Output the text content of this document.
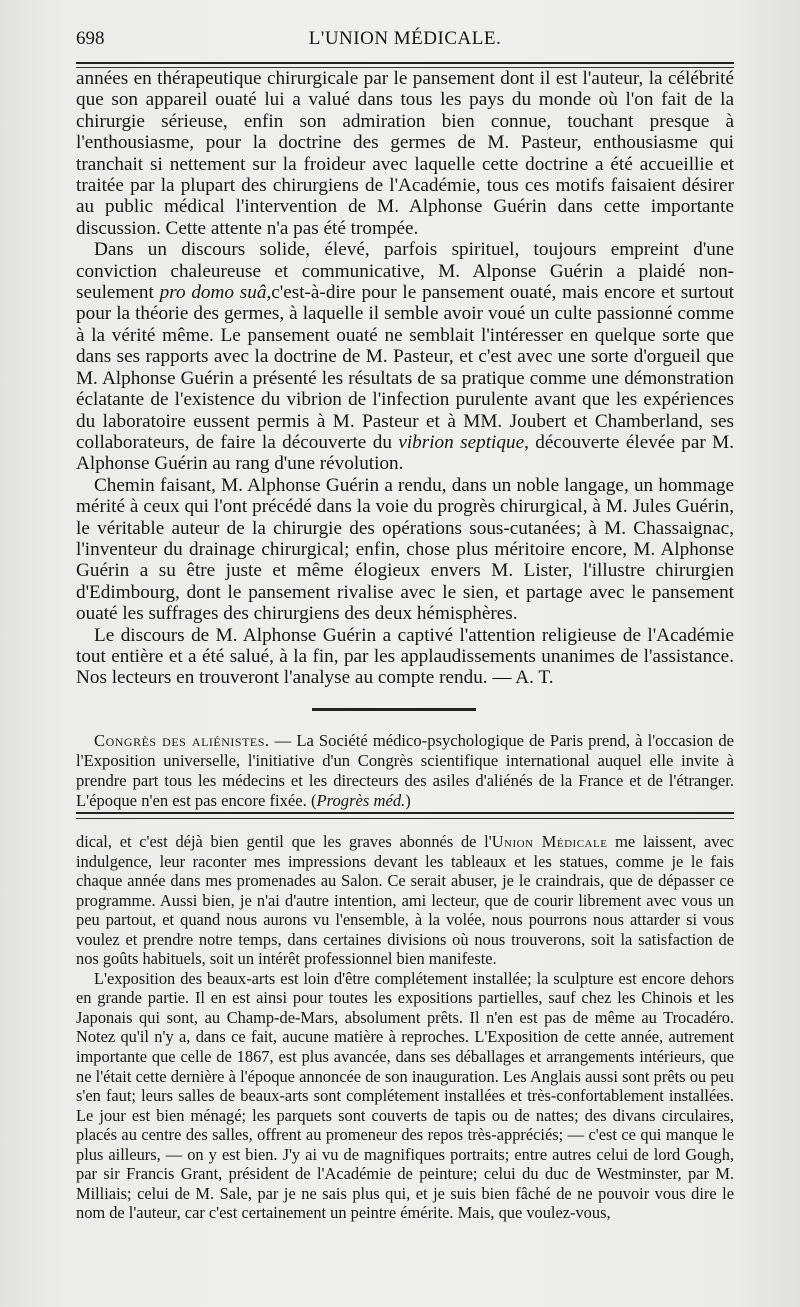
698	L'UNION MÉDICALE.

années en thérapeutique chirurgicale par le pansement dont il est l'auteur, la célébrité que son appareil ouaté lui a valué dans tous les pays du monde où l'on fait de la chirurgie sérieuse, enfin son admiration bien connue, touchant presque à l'enthousiasme, pour la doctrine des germes de M. Pasteur, enthousiasme qui tranchait si nettement sur la froideur avec laquelle cette doctrine a été accueillie et traitée par la plupart des chirurgiens de l'Académie, tous ces motifs faisaient désirer au public médical l'intervention de M. Alphonse Guérin dans cette importante discussion. Cette attente n'a pas été trompée.

Dans un discours solide, élevé, parfois spirituel, toujours empreint d'une conviction chaleureuse et communicative, M. Alponse Guérin a plaidé non-seulement pro domo suâ,c'est-à-dire pour le pansement ouaté, mais encore et surtout pour la théorie des germes, à laquelle il semble avoir voué un culte passionné comme à la vérité même. Le pansement ouaté ne semblait l'intéresser en quelque sorte que dans ses rapports avec la doctrine de M. Pasteur, et c'est avec une sorte d'orgueil que M. Alphonse Guérin a présenté les résultats de sa pratique comme une démonstration éclatante de l'existence du vibrion de l'infection purulente avant que les expériences du laboratoire eussent permis à M. Pasteur et à MM. Joubert et Chamberland, ses collaborateurs, de faire la découverte du vibrion septique, découverte élevée par M. Alphonse Guérin au rang d'une révolution.

Chemin faisant, M. Alphonse Guérin a rendu, dans un noble langage, un hommage mérité à ceux qui l'ont précédé dans la voie du progrès chirurgical, à M. Jules Guérin, le véritable auteur de la chirurgie des opérations sous-cutanées; à M. Chassaignac, l'inventeur du drainage chirurgical; enfin, chose plus méritoire encore, M. Alphonse Guérin a su être juste et même élogieux envers M. Lister, l'illustre chirurgien d'Edimbourg, dont le pansement rivalise avec le sien, et partage avec le pansement ouaté les suffrages des chirurgiens des deux hémisphères.

Le discours de M. Alphonse Guérin a captivé l'attention religieuse de l'Académie tout entière et a été salué, à la fin, par les applaudissements unanimes de l'assistance. Nos lecteurs en trouveront l'analyse au compte rendu. — A. T.

Congrès des aliénistes. — La Société médico-psychologique de Paris prend, à l'occasion de l'Exposition universelle, l'initiative d'un Congrès scientifique international auquel elle invite à prendre part tous les médecins et les directeurs des asiles d'aliénés de la France et de l'étranger. L'époque n'en est pas encore fixée. (Progrès méd.)

dical, et c'est déjà bien gentil que les graves abonnés de l'Union Médicale me laissent, avec indulgence, leur raconter mes impressions devant les tableaux et les statues, comme je le fais chaque année dans mes promenades au Salon. Ce serait abuser, je le craindrais, que de dépasser ce programme. Aussi bien, je n'ai d'autre intention, ami lecteur, que de courir librement avec vous un peu partout, et quand nous aurons vu l'ensemble, à la volée, nous pourrons nous attarder si vous voulez et prendre notre temps, dans certaines divisions où nous trouverons, soit la satisfaction de nos goûts habituels, soit un intérêt professionnel bien manifeste.

L'exposition des beaux-arts est loin d'être complétement installée; la sculpture est encore dehors en grande partie. Il en est ainsi pour toutes les expositions partielles, sauf chez les Chinois et les Japonais qui sont, au Champ-de-Mars, absolument prêts. Il n'en est pas de même au Trocadéro. Notez qu'il n'y a, dans ce fait, aucune matière à reproches. L'Exposition de cette année, autrement importante que celle de 1867, est plus avancée, dans ses déballages et arrangements intérieurs, que ne l'était cette dernière à l'époque annoncée de son inauguration. Les Anglais aussi sont prêts ou peu s'en faut; leurs salles de beaux-arts sont complétement installées et très-confortablement installées. Le jour est bien ménagé; les parquets sont couverts de tapis ou de nattes; des divans circulaires, placés au centre des salles, offrent au promeneur des repos très-appréciés; — c'est ce qui manque le plus ailleurs, — on y est bien. J'y ai vu de magnifiques portraits; entre autres celui de lord Gough, par sir Francis Grant, président de l'Académie de peinture; celui du duc de Westminster, par M. Milliais; celui de M. Sale, par je ne sais plus qui, et je suis bien fâché de ne pouvoir vous dire le nom de l'auteur, car c'est certainement un peintre émérite. Mais, que voulez-vous,
